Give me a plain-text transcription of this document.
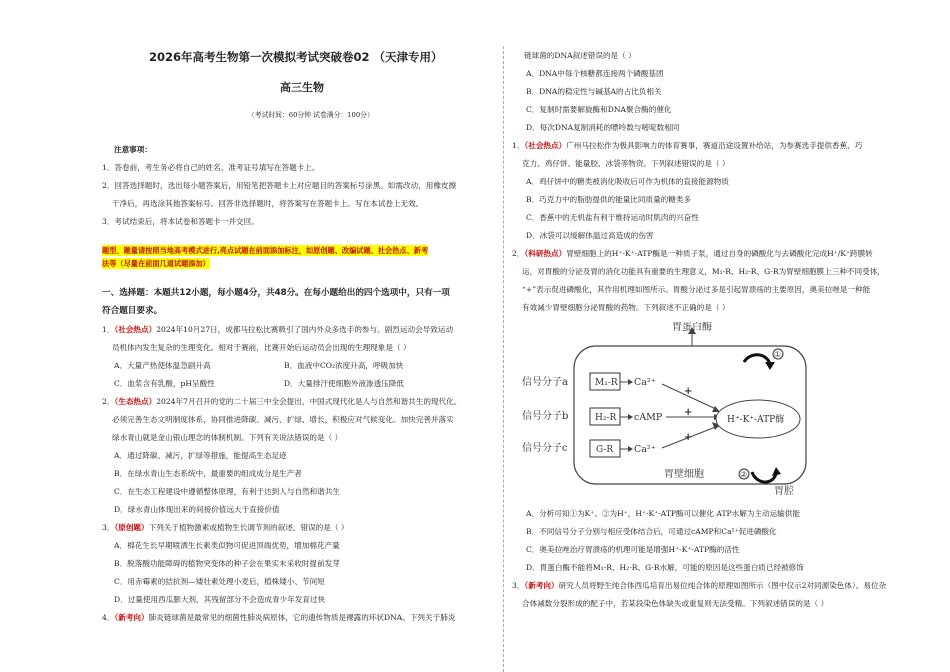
2026年高考生物第一次模拟考试突破卷02 （天津专用）
高三生物
（考试时间：60分钟 试卷满分：100分）
注意事项：
1．答卷前，考生务必将自己的姓名、准考证号填写在答题卡上。
2．回答选择题时，选出每小题答案后，用铅笔把答题卡上对应题目的答案标号涂黑。如需改动，用橡皮擦
干净后，再选涂其他答案标号。回答非选择题时，将答案写在答题卡上。写在本试卷上无效。
3．考试结束后，将本试卷和答题卡一并交回。
题型、题量请按照当地高考模式进行,亮点试题在前面添加标注，如原创题、改编试题、社会热点、新考
法等（尽量在前面几道试题添加）
一、选择题：本题共12小题，每小题4分，共48分。在每小题给出的四个选项中，只有一项
符合题目要求。
1．（社会热点）2024年10月27日，成都马拉松比赛吸引了国内外众多选手的参与。剧烈运动会导致运动
员机体内发生复杂的生理变化。相对于赛前，比赛开始后运动员会出现的生理现象是（ ）
A．大量产热使体温急剧升高	B．血液中CO₂浓度升高，呼吸加快
C．血浆含有乳酸，pH呈酸性	D．大量排汗使细胞外液渗透压降低
2．（生态热点）2024年7月召开的党的二十届三中全会提出，中国式现代化是人与自然和谐共生的现代化。
必须完善生态文明制度体系，协同推进降碳、减污、扩绿、增长，积极应对气候变化。加快完善并落实
绿水青山就是金山银山理念的体制机制。下列有关说法错误的是（ ）
A．通过降碳、减污，扩绿等措施，能提高生态足迹
B．在绿水青山生态系统中，最重要的组成成分是生产者
C．在生态工程建设中遵循整体原理，有利于达到人与自然和谐共生
D．绿水青山体现出来的间接价值远大于直接价值
3．（原创题）下列关于植物激素或植物生长调节剂的叙述，错误的是（ ）
A．棉花生长早期喷洒生长素类似物可促进顶端优势，增加棉花产量
B．脱落酸功能障碍的植物突变体的种子会在果实未采收时提前发芽
C．用赤霉素的拮抗剂—矮壮素处理小麦后，植株矮小、节间短
D．过量使用西瓜膨大剂，其残留部分不会造成青少年发育过快
4．（新考向）肺炎链球菌是最常见的细菌性肺炎病原体，它的遗传物质是裸露的环状DNA。下列关于肺炎
链球菌的DNA叙述错误的是（ ）
A．DNA中每个核糖都连接两个磷酸基团
B．DNA的稳定性与碱基A的占比负相关
C．复制时需要解旋酶和DNA聚合酶的催化
D．每次DNA复制消耗的嘌呤数与嘧啶数相同
1．（社会热点）广州马拉松作为极具影响力的体育赛事，赛道沿途设置补给站，为参赛选手提供香蕉、巧
克力、鸡仔饼、能量胶、冰袋等物资。下列叙述错误的是（ ）
A．鸡仔饼中的糖类被消化吸收后可作为机体的直接能源物质
B．巧克力中的脂肪提供的能量比同质量的糖类多
C．香蕉中的无机盐有利于维持运动时肌肉的兴奋性
D．冰袋可以缓解体温过高造成的伤害
2．（科研热点）胃壁细胞上的H⁺-K⁺-ATP酶是一种质子泵，通过自身的磷酸化与去磷酸化完成H⁺/K⁺跨膜转
运，对胃酸的分泌及胃的消化功能具有重要的生理意义，M₁-R、H₂-R、G-R为胃壁细胞膜上三种不同受体，
“+”表示促进磷酸化，其作用机理如图所示。胃酸分泌过多是引起胃溃疡的主要原因，奥美拉唑是一种能
有效减少胃壁细胞分泌胃酸的药物。下列叙述不正确的是（ ）
胃蛋白酶
信号分子a
信号分子b
信号分子c
M₁-R
H₂-R
G-R
Ca²⁺
cAMP
Ca²⁺
+
+
+
H⁺-K⁺-ATP酶
①
②
胃壁细胞
胃腔
A．分析可知①为K⁺、②为H⁺，H⁺-K⁺-ATP酶可以催化 ATP水解为主动运输供能
B．不同信号分子分别与相应受体结合后，可通过cAMP和Ca²⁺促进磷酸化
C．奥美拉唑治疗胃溃疡的机理可能是增强H⁺-K⁺-ATP酶的活性
D．胃蛋白酶不能将M₁-R、H₂-R、G-R水解，可能的原因是这些蛋白质已经被修饰
3．（新考向）研究人员将野生纯合体西瓜培育出易位纯合体的原理如图所示（图中仅示2对同源染色体）。易位杂
合体减数分裂形成的配子中，若某段染色体缺失或重复则无法受精。下列叙述错误的是（ ）
